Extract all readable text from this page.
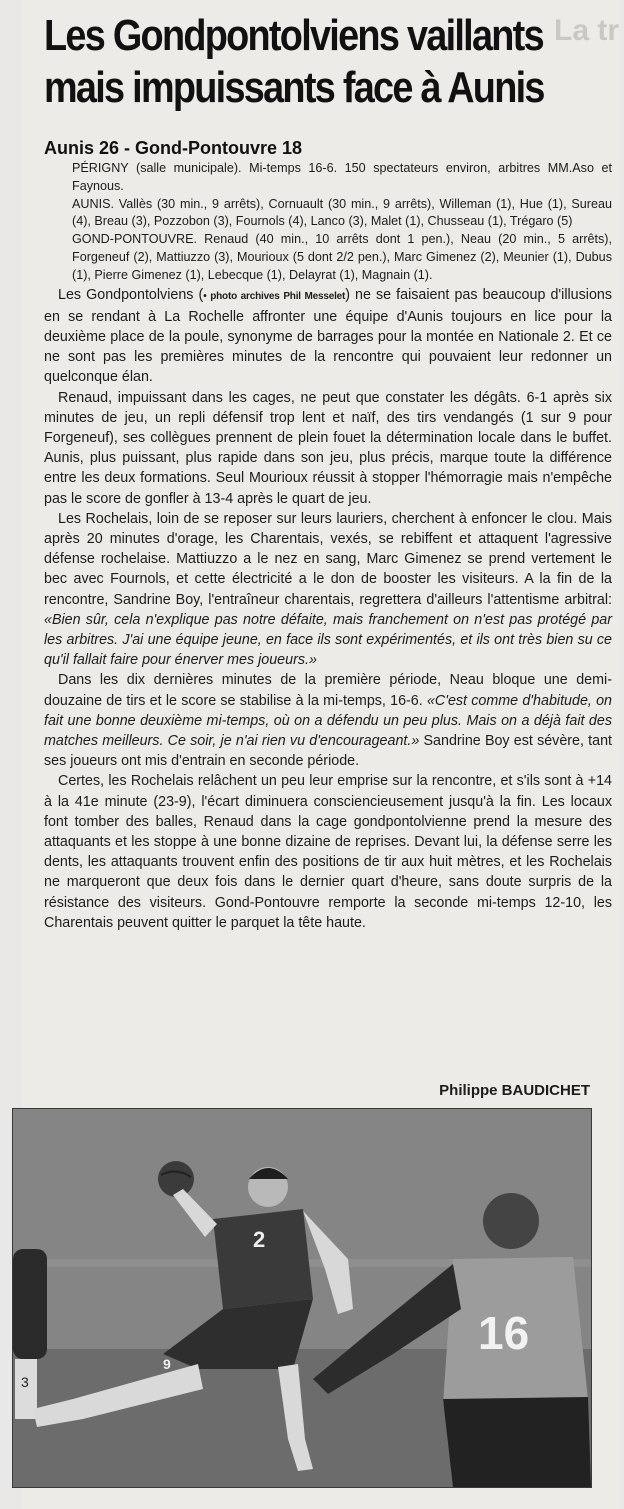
La tr
Les Gondpontolviens vaillants
mais impuissants face à Aunis
Aunis 26 - Gond-Pontouvre 18

PÉRIGNY (salle municipale). Mi-temps 16-6. 150 spectateurs environ, arbitres MM.Aso et Faynous.

AUNIS. Vallès (30 min., 9 arrêts), Cornuault (30 min., 9 arrêts), Willeman (1), Hue (1), Sureau (4), Breau (3), Pozzobon (3), Fournols (4), Lanco (3), Malet (1), Chusseau (1), Trégaro (5)

GOND-PONTOUVRE. Renaud (40 min., 10 arrêts dont 1 pen.), Neau (20 min., 5 arrêts), Forgeneuf (2), Mattiuzzo (3), Mourioux (5 dont 2/2 pen.), Marc Gimenez (2), Meunier (1), Dubus (1), Pierre Gimenez (1), Lebecque (1), Delayrat (1), Magnain (1).

Les Gondpontolviens (• photo archives Phil Messelet) ne se faisaient pas beaucoup d'illusions en se rendant à La Rochelle affronter une équipe d'Aunis toujours en lice pour la deuxième place de la poule, synonyme de barrages pour la montée en Nationale 2. Et ce ne sont pas les premières minutes de la rencontre qui pouvaient leur redonner un quelconque élan.

Renaud, impuissant dans les cages, ne peut que constater les dégâts. 6-1 après six minutes de jeu, un repli défensif trop lent et naïf, des tirs vendangés (1 sur 9 pour Forgeneuf), ses collègues prennent de plein fouet la détermination locale dans le buffet. Aunis, plus puissant, plus rapide dans son jeu, plus précis, marque toute la différence entre les deux formations. Seul Mourioux réussit à stopper l'hémorragie mais n'empêche pas le score de gonfler à 13-4 après le quart de jeu.

Les Rochelais, loin de se reposer sur leurs lauriers, cherchent à enfoncer le clou. Mais après 20 minutes d'orage, les Charentais, vexés, se rebiffent et attaquent l'agressive défense rochelaise. Mattiuzzo a le nez en sang, Marc Gimenez se prend vertement le bec avec Fournols, et cette électricité a le don de booster les visiteurs. A la fin de la rencontre, Sandrine Boy, l'entraîneur charentais, regrettera d'ailleurs l'attentisme arbitral: «Bien sûr, cela n'explique pas notre défaite, mais franchement on n'est pas protégé par les arbitres. J'ai une équipe jeune, en face ils sont expérimentés, et ils ont très bien su ce qu'il fallait faire pour énerver mes joueurs.»

Dans les dix dernières minutes de la première période, Neau bloque une demi-douzaine de tirs et le score se stabilise à la mi-temps, 16-6. «C'est comme d'habitude, on fait une bonne deuxième mi-temps, où on a défendu un peu plus. Mais on a déjà fait des matches meilleurs. Ce soir, je n'ai rien vu d'encourageant.» Sandrine Boy est sévère, tant ses joueurs ont mis d'entrain en seconde période.

Certes, les Rochelais relâchent un peu leur emprise sur la rencontre, et s'ils sont à +14 à la 41e minute (23-9), l'écart diminuera consciencieusement jusqu'à la fin. Les locaux font tomber des balles, Renaud dans la cage gondpontolvienne prend la mesure des attaquants et les stoppe à une bonne dizaine de reprises. Devant lui, la défense serre les dents, les attaquants trouvent enfin des positions de tir aux huit mètres, et les Rochelais ne marqueront que deux fois dans le dernier quart d'heure, sans doute surpris de la résistance des visiteurs. Gond-Pontouvre remporte la seconde mi-temps 12-10, les Charentais peuvent quitter le parquet la tête haute.

Philippe BAUDICHET
3
2
9
16
